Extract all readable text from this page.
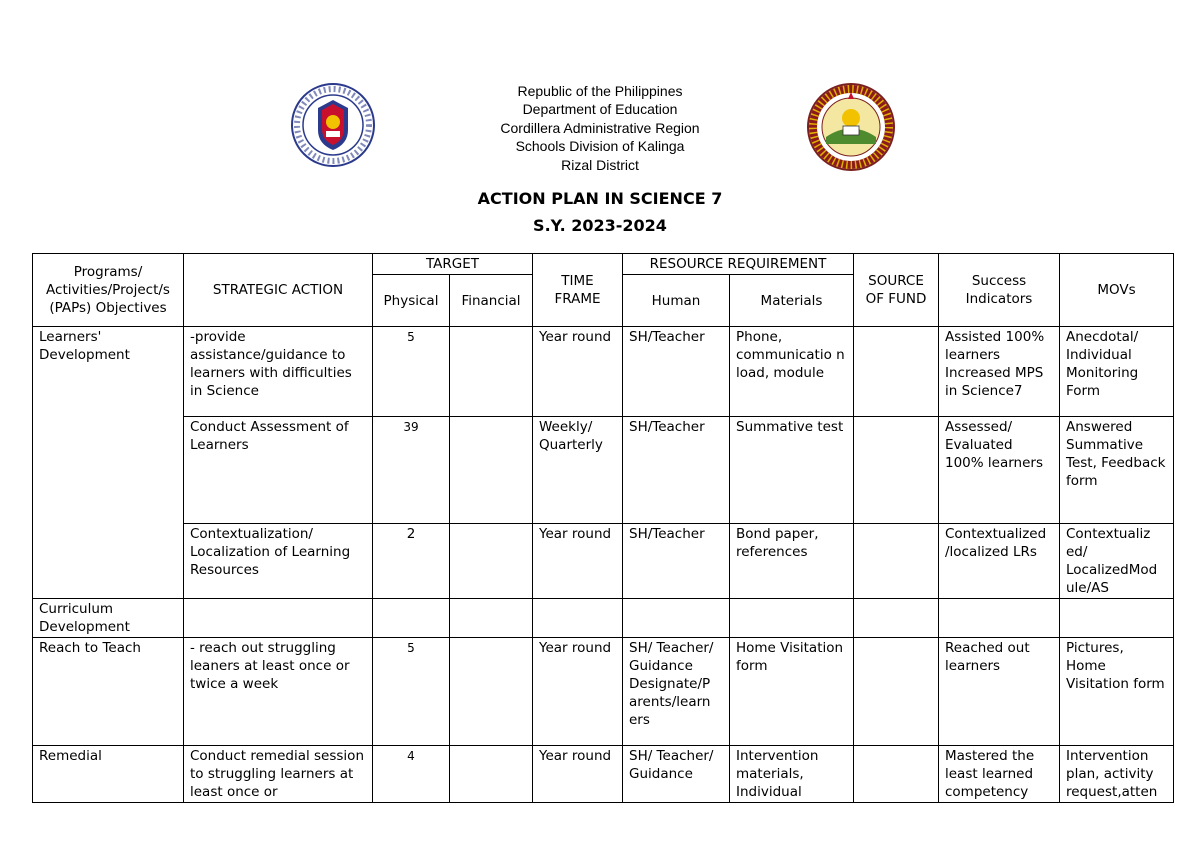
Republic of the Philippines
Department of Education
Cordillera Administrative Region
Schools Division of Kalinga
Rizal District
ACTION PLAN IN SCIENCE 7
S.Y. 2023-2024
Programs/ Activities/Project/s (PAPs) Objectives	STRATEGIC ACTION	TARGET		TIME FRAME	RESOURCE REQUIREMENT		SOURCE OF FUND	Success Indicators	MOVs
		Physical	Financial		Human	Materials			
Learners' Development	-provide assistance/guidance to learners with difficulties in Science	5		Year round	SH/Teacher	Phone, communicatio n load, module		Assisted 100% learners Increased MPS in Science7	Anecdotal/ Individual Monitoring Form
	Conduct Assessment of Learners	39		Weekly/ Quarterly	SH/Teacher	Summative test		Assessed/ Evaluated 100% learners	Answered Summative Test, Feedback form
	Contextualization/ Localization of Learning Resources	2		Year round	SH/Teacher	Bond paper, references		Contextualized /localized LRs	Contextualiz ed/ LocalizedMod ule/AS
Curriculum Development									
Reach to Teach	- reach out struggling leaners at least once or twice a week	5		Year round	SH/ Teacher/ Guidance Designate/P arents/learn ers	Home Visitation form		Reached out learners	Pictures, Home Visitation form
Remedial	Conduct remedial session to struggling learners at least once or	4		Year round	SH/ Teacher/ Guidance	Intervention materials, Individual		Mastered the least learned competency	Intervention plan, activity request,atten
